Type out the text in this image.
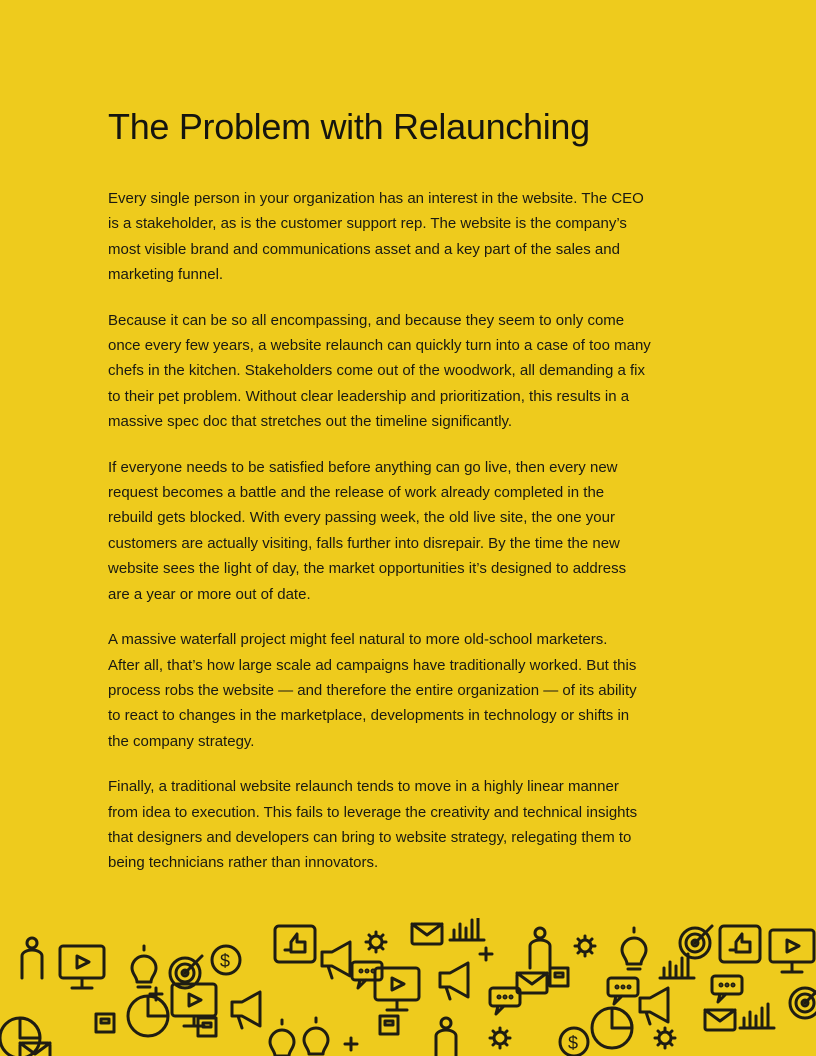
The Problem with Relaunching

Every single person in your organization has an interest in the website. The CEO
is a stakeholder, as is the customer support rep. The website is the company’s
most visible brand and communications asset and a key part of the sales and
marketing funnel.

Because it can be so all encompassing, and because they seem to only come
once every few years, a website relaunch can quickly turn into a case of too many
chefs in the kitchen. Stakeholders come out of the woodwork, all demanding a fix
to their pet problem. Without clear leadership and prioritization, this results in a
massive spec doc that stretches out the timeline significantly.

If everyone needs to be satisfied before anything can go live, then every new
request becomes a battle and the release of work already completed in the
rebuild gets blocked. With every passing week, the old live site, the one your
customers are actually visiting, falls further into disrepair. By the time the new
website sees the light of day, the market opportunities it’s designed to address
are a year or more out of date.

A massive waterfall project might feel natural to more old-school marketers.
After all, that’s how large scale ad campaigns have traditionally worked. But this
process robs the website — and therefore the entire organization — of its ability
to react to changes in the marketplace, developments in technology or shifts in
the company strategy.

Finally, a traditional website relaunch tends to move in a highly linear manner
from idea to execution. This fails to leverage the creativity and technical insights
that designers and developers can bring to website strategy, relegating them to
being technicians rather than innovators.

$
$
